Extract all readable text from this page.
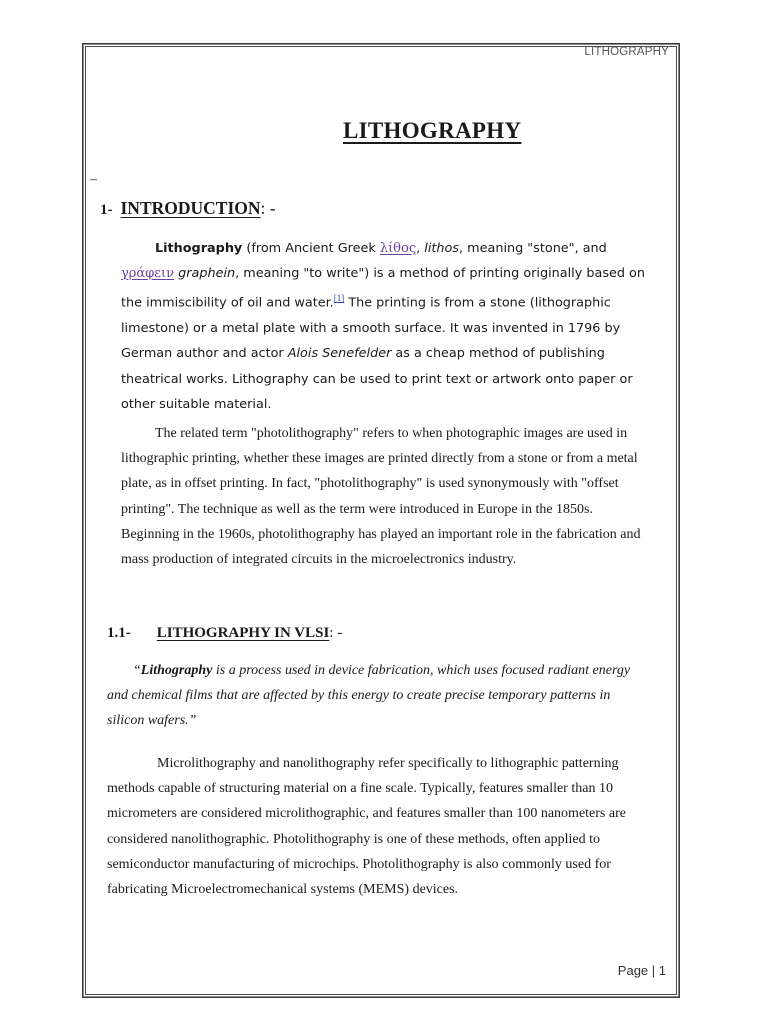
LITHOGRAPHY
LITHOGRAPHY
–
1- INTRODUCTION: -

Lithography (from Ancient Greek λίθος, lithos, meaning "stone", and γράφειν graphein, meaning "to write") is a method of printing originally based on the immiscibility of oil and water.[1] The printing is from a stone (lithographic limestone) or a metal plate with a smooth surface. It was invented in 1796 by German author and actor Alois Senefelder as a cheap method of publishing theatrical works. Lithography can be used to print text or artwork onto paper or other suitable material.

The related term "photolithography" refers to when photographic images are used in lithographic printing, whether these images are printed directly from a stone or from a metal plate, as in offset printing. In fact, "photolithography" is used synonymously with "offset printing". The technique as well as the term were introduced in Europe in the 1850s. Beginning in the 1960s, photolithography has played an important role in the fabrication and mass production of integrated circuits in the microelectronics industry.

1.1- LITHOGRAPHY IN VLSI: -

“Lithography is a process used in device fabrication, which uses focused radiant energy and chemical films that are affected by this energy to create precise temporary patterns in silicon wafers.”

Microlithography and nanolithography refer specifically to lithographic patterning methods capable of structuring material on a fine scale. Typically, features smaller than 10 micrometers are considered microlithographic, and features smaller than 100 nanometers are considered nanolithographic. Photolithography is one of these methods, often applied to semiconductor manufacturing of microchips. Photolithography is also commonly used for fabricating Microelectromechanical systems (MEMS) devices.

Page | 1
